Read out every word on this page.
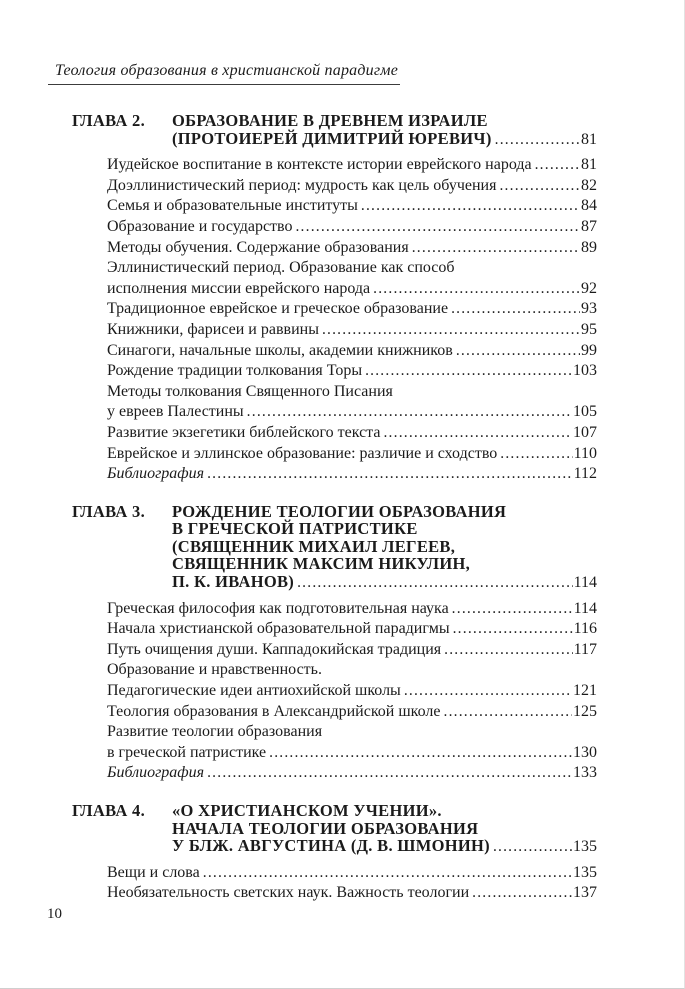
Теология образования в христианской парадигме
ГЛАВА 2.	ОБРАЗОВАНИЕ В ДРЕВНЕМ ИЗРАИЛЕ
(ПРОТОИЕРЕЙ ДИМИТРИЙ ЮРЕВИЧ) .....	81
Иудейское воспитание в контексте истории еврейского народа .....	81
Доэллинистический период: мудрость как цель обучения .....	82
Семья и образовательные институты .....	84
Образование и государство .....	87
Методы обучения. Содержание образования .....	89
Эллинистический период. Образование как способ
исполнения миссии еврейского народа .....	92
Традиционное еврейское и греческое образование .....	93
Книжники, фарисеи и раввины .....	95
Синагоги, начальные школы, академии книжников .....	99
Рождение традиции толкования Торы .....	103
Методы толкования Священного Писания
у евреев Палестины .....	105
Развитие экзегетики библейского текста .....	107
Еврейское и эллинское образование: различие и сходство .....	110
Библиография .....	112
ГЛАВА 3.	РОЖДЕНИЕ ТЕОЛОГИИ ОБРАЗОВАНИЯ
В ГРЕЧЕСКОЙ ПАТРИСТИКЕ
(СВЯЩЕННИК МИХАИЛ ЛЕГЕЕВ,
СВЯЩЕННИК МАКСИМ НИКУЛИН,
П. К. ИВАНОВ) .....	114
Греческая философия как подготовительная наука .....	114
Начала христианской образовательной парадигмы .....	116
Путь очищения души. Каппадокийская традиция .....	117
Образование и нравственность.
Педагогические идеи антиохийской школы .....	121
Теология образования в Александрийской школе .....	125
Развитие теологии образования
в греческой патристике .....	130
Библиография .....	133
ГЛАВА 4.	«О ХРИСТИАНСКОМ УЧЕНИИ».
НАЧАЛА ТЕОЛОГИИ ОБРАЗОВАНИЯ
У БЛЖ. АВГУСТИНА (Д. В. ШМОНИН) .....	135
Вещи и слова .....	135
Необязательность светских наук. Важность теологии .....	137
10
